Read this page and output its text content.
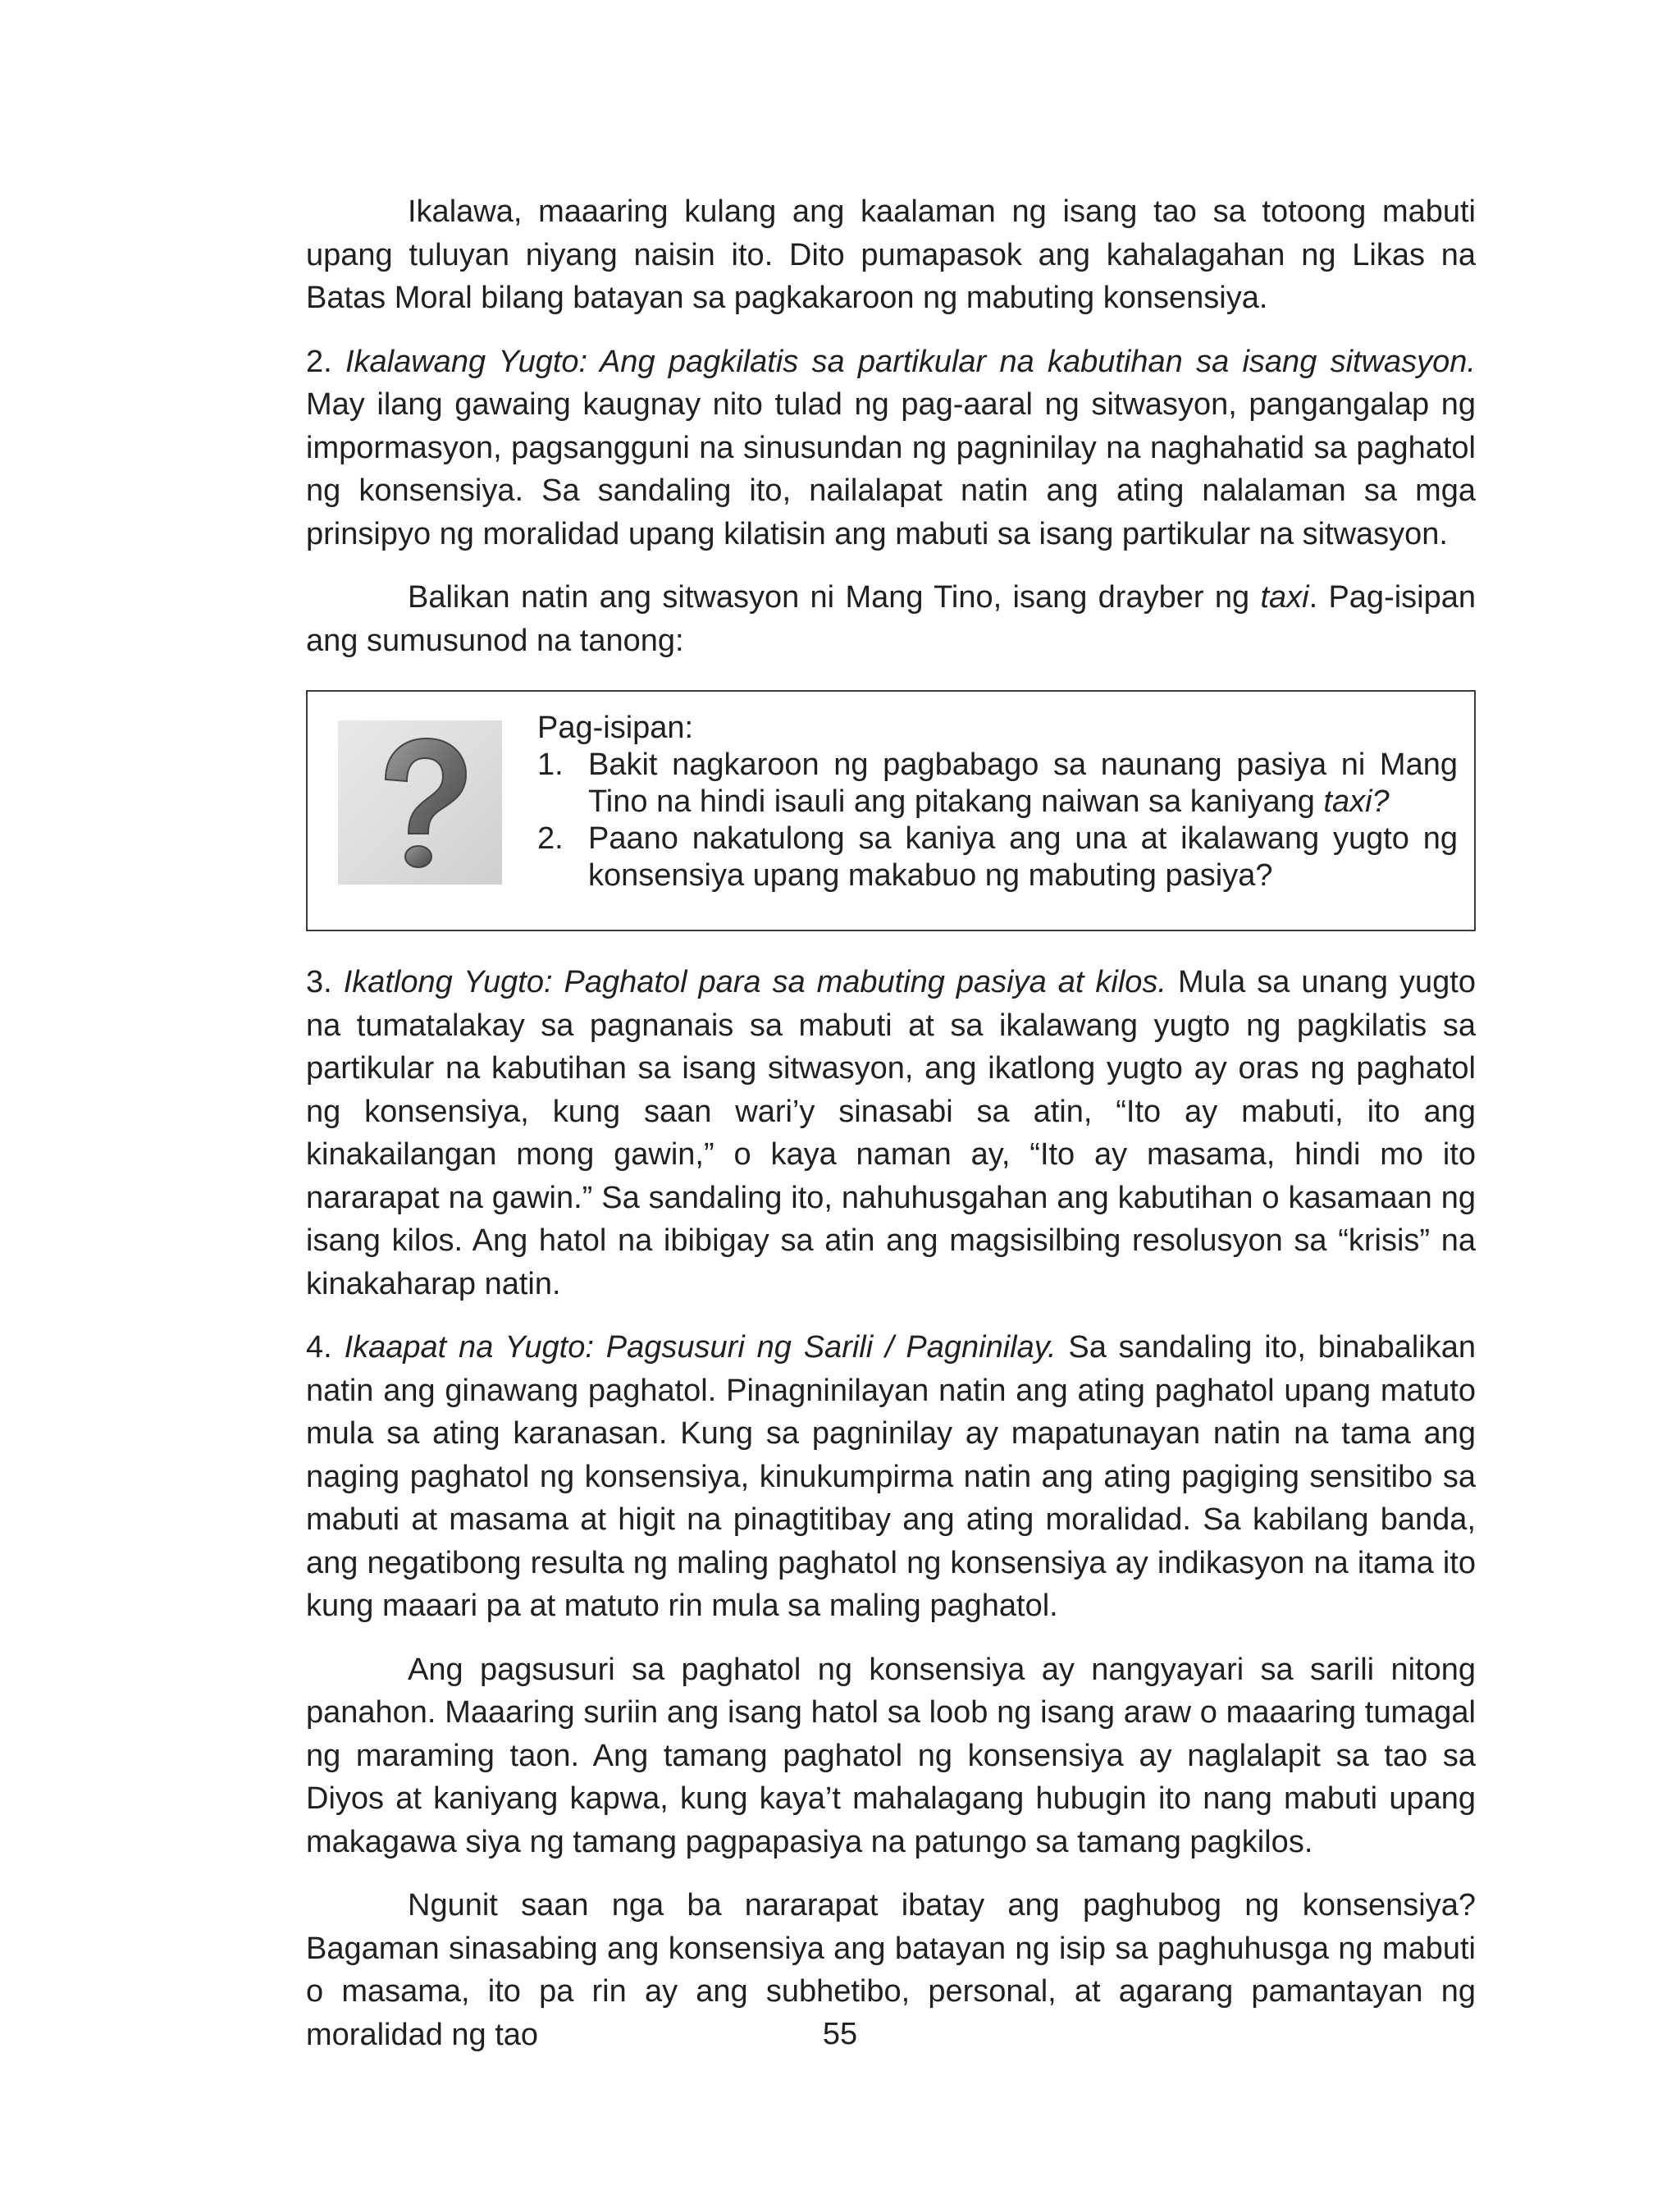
Ikalawa, maaaring kulang ang kaalaman ng isang tao sa totoong mabuti upang tuluyan niyang naisin ito. Dito pumapasok ang kahalagahan ng Likas na Batas Moral bilang batayan sa pagkakaroon ng mabuting konsensiya.

2. Ikalawang Yugto: Ang pagkilatis sa partikular na kabutihan sa isang sitwasyon. May ilang gawaing kaugnay nito tulad ng pag-aaral ng sitwasyon, pangangalap ng impormasyon, pagsangguni na sinusundan ng pagninilay na naghahatid sa paghatol ng konsensiya. Sa sandaling ito, nailalapat natin ang ating nalalaman sa mga prinsipyo ng moralidad upang kilatisin ang mabuti sa isang partikular na sitwasyon.

Balikan natin ang sitwasyon ni Mang Tino, isang drayber ng taxi. Pag-isipan ang sumusunod na tanong:

Pag-isipan:

1. Bakit nagkaroon ng pagbabago sa naunang pasiya ni Mang Tino na hindi isauli ang pitakang naiwan sa kaniyang taxi?
2. Paano nakatulong sa kaniya ang una at ikalawang yugto ng konsensiya upang makabuo ng mabuting pasiya?

3. Ikatlong Yugto: Paghatol para sa mabuting pasiya at kilos. Mula sa unang yugto na tumatalakay sa pagnanais sa mabuti at sa ikalawang yugto ng pagkilatis sa partikular na kabutihan sa isang sitwasyon, ang ikatlong yugto ay oras ng paghatol ng konsensiya, kung saan wari’y sinasabi sa atin, “Ito ay mabuti, ito ang kinakailangan mong gawin,” o kaya naman ay, “Ito ay masama, hindi mo ito nararapat na gawin.” Sa sandaling ito, nahuhusgahan ang kabutihan o kasamaan ng isang kilos. Ang hatol na ibibigay sa atin ang magsisilbing resolusyon sa “krisis” na kinakaharap natin.

4. Ikaapat na Yugto: Pagsusuri ng Sarili / Pagninilay. Sa sandaling ito, binabalikan natin ang ginawang paghatol. Pinagninilayan natin ang ating paghatol upang matuto mula sa ating karanasan. Kung sa pagninilay ay mapatunayan natin na tama ang naging paghatol ng konsensiya, kinukumpirma natin ang ating pagiging sensitibo sa mabuti at masama at higit na pinagtitibay ang ating moralidad. Sa kabilang banda, ang negatibong resulta ng maling paghatol ng konsensiya ay indikasyon na itama ito kung maaari pa at matuto rin mula sa maling paghatol.

Ang pagsusuri sa paghatol ng konsensiya ay nangyayari sa sarili nitong panahon. Maaaring suriin ang isang hatol sa loob ng isang araw o maaaring tumagal ng maraming taon. Ang tamang paghatol ng konsensiya ay naglalapit sa tao sa Diyos at kaniyang kapwa, kung kaya’t mahalagang hubugin ito nang mabuti upang makagawa siya ng tamang pagpapasiya na patungo sa tamang pagkilos.

Ngunit saan nga ba nararapat ibatay ang paghubog ng konsensiya? Bagaman sinasabing ang konsensiya ang batayan ng isip sa paghuhusga ng mabuti o masama, ito pa rin ay ang subhetibo, personal, at agarang pamantayan ng moralidad ng tao	55
